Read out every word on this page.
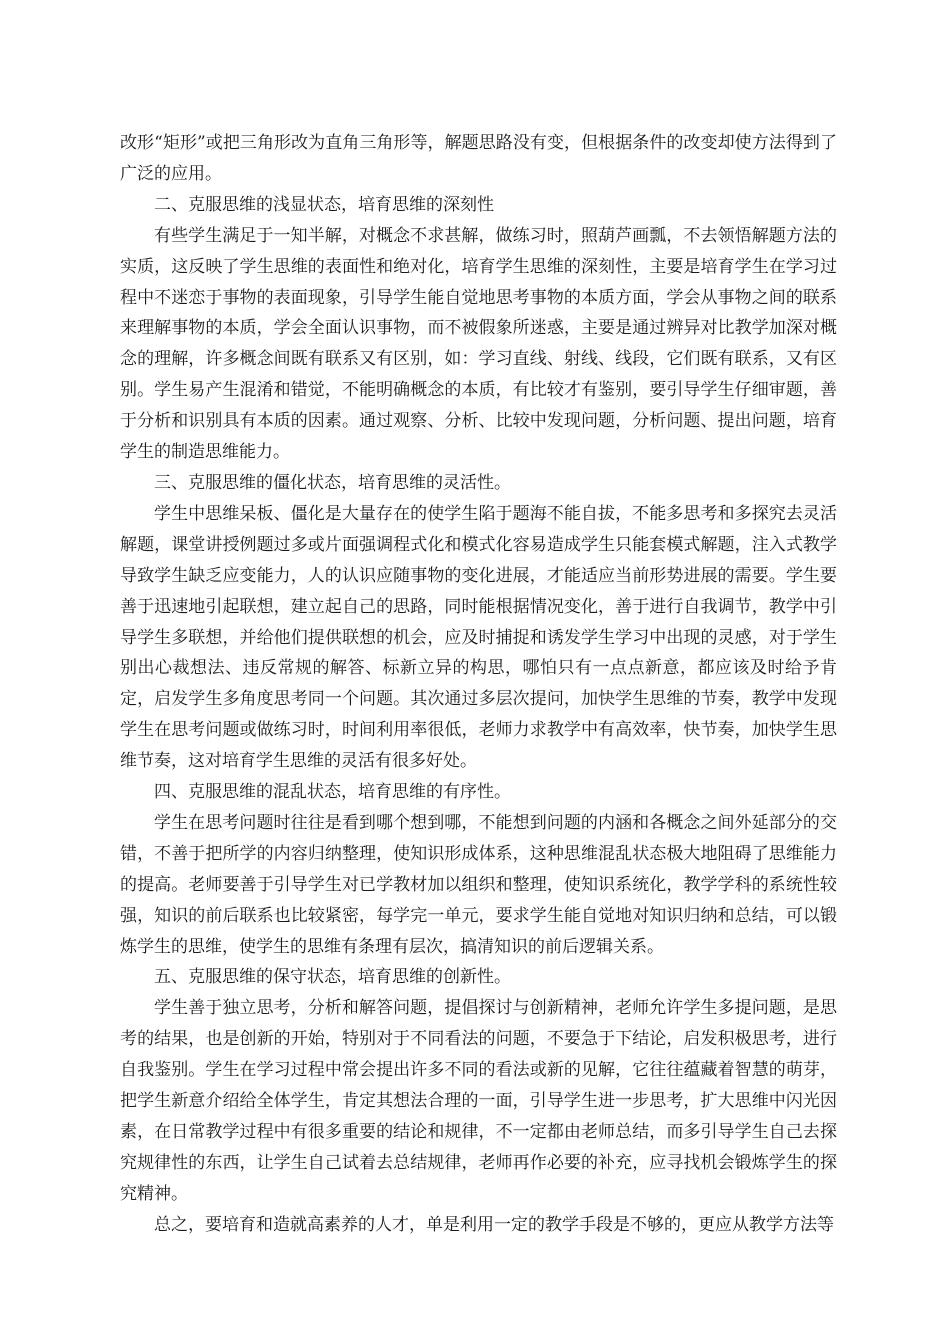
改形“矩形”或把三角形改为直角三角形等，解题思路没有变，但根据条件的改变却使方法得到了广泛的应用。

二、克服思维的浅显状态，培育思维的深刻性

有些学生满足于一知半解，对概念不求甚解，做练习时，照葫芦画瓢，不去领悟解题方法的实质，这反映了学生思维的表面性和绝对化，培育学生思维的深刻性，主要是培育学生在学习过程中不迷恋于事物的表面现象，引导学生能自觉地思考事物的本质方面，学会从事物之间的联系来理解事物的本质，学会全面认识事物，而不被假象所迷惑，主要是通过辨异对比教学加深对概念的理解，许多概念间既有联系又有区别，如：学习直线、射线、线段，它们既有联系，又有区别。学生易产生混淆和错觉，不能明确概念的本质，有比较才有鉴别，要引导学生仔细审题，善于分析和识别具有本质的因素。通过观察、分析、比较中发现问题，分析问题、提出问题，培育学生的制造思维能力。

三、克服思维的僵化状态，培育思维的灵活性。

学生中思维呆板、僵化是大量存在的使学生陷于题海不能自拔，不能多思考和多探究去灵活解题，课堂讲授例题过多或片面强调程式化和模式化容易造成学生只能套模式解题，注入式教学导致学生缺乏应变能力，人的认识应随事物的变化进展，才能适应当前形势进展的需要。学生要善于迅速地引起联想，建立起自己的思路，同时能根据情况变化，善于进行自我调节，教学中引导学生多联想，并给他们提供联想的机会，应及时捕捉和诱发学生学习中出现的灵感，对于学生别出心裁想法、违反常规的解答、标新立异的构思，哪怕只有一点点新意，都应该及时给予肯定，启发学生多角度思考同一个问题。其次通过多层次提问，加快学生思维的节奏，教学中发现学生在思考问题或做练习时，时间利用率很低，老师力求教学中有高效率，快节奏，加快学生思维节奏，这对培育学生思维的灵活有很多好处。

四、克服思维的混乱状态，培育思维的有序性。

学生在思考问题时往往是看到哪个想到哪，不能想到问题的内涵和各概念之间外延部分的交错，不善于把所学的内容归纳整理，使知识形成体系，这种思维混乱状态极大地阻碍了思维能力的提高。老师要善于引导学生对已学教材加以组织和整理，使知识系统化，教学学科的系统性较强，知识的前后联系也比较紧密，每学完一单元，要求学生能自觉地对知识归纳和总结，可以锻炼学生的思维，使学生的思维有条理有层次，搞清知识的前后逻辑关系。

五、克服思维的保守状态，培育思维的创新性。

学生善于独立思考，分析和解答问题，提倡探讨与创新精神，老师允许学生多提问题，是思考的结果，也是创新的开始，特别对于不同看法的问题，不要急于下结论，启发积极思考，进行自我鉴别。学生在学习过程中常会提出许多不同的看法或新的见解，它往往蕴藏着智慧的萌芽，把学生新意介绍给全体学生，肯定其想法合理的一面，引导学生进一步思考，扩大思维中闪光因素，在日常教学过程中有很多重要的结论和规律，不一定都由老师总结，而多引导学生自己去探究规律性的东西，让学生自己试着去总结规律，老师再作必要的补充，应寻找机会锻炼学生的探究精神。

总之，要培育和造就高素养的人才，单是利用一定的教学手段是不够的，更应从教学方法等
